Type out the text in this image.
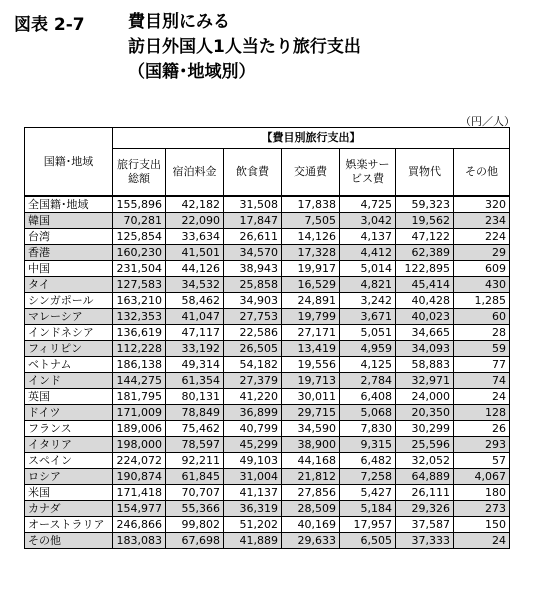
図表 2-7	費目別にみる
訪日外国人1人当たり旅行支出
（国籍･地域別）
（円／人）
国籍･地域	【費目別旅行支出】						
	旅行支出総額	宿泊料金	飲食費	交通費	娯楽サービス費	買物代	その他
全国籍･地域	155,896	42,182	31,508	17,838	4,725	59,323	320
韓国	70,281	22,090	17,847	7,505	3,042	19,562	234
台湾	125,854	33,634	26,611	14,126	4,137	47,122	224
香港	160,230	41,501	34,570	17,328	4,412	62,389	29
中国	231,504	44,126	38,943	19,917	5,014	122,895	609
タイ	127,583	34,532	25,858	16,529	4,821	45,414	430
シンガポール	163,210	58,462	34,903	24,891	3,242	40,428	1,285
マレーシア	132,353	41,047	27,753	19,799	3,671	40,023	60
インドネシア	136,619	47,117	22,586	27,171	5,051	34,665	28
フィリピン	112,228	33,192	26,505	13,419	4,959	34,093	59
ベトナム	186,138	49,314	54,182	19,556	4,125	58,883	77
インド	144,275	61,354	27,379	19,713	2,784	32,971	74
英国	181,795	80,131	41,220	30,011	6,408	24,000	24
ドイツ	171,009	78,849	36,899	29,715	5,068	20,350	128
フランス	189,006	75,462	40,799	34,590	7,830	30,299	26
イタリア	198,000	78,597	45,299	38,900	9,315	25,596	293
スペイン	224,072	92,211	49,103	44,168	6,482	32,052	57
ロシア	190,874	61,845	31,004	21,812	7,258	64,889	4,067
米国	171,418	70,707	41,137	27,856	5,427	26,111	180
カナダ	154,977	55,366	36,319	28,509	5,184	29,326	273
オーストラリア	246,866	99,802	51,202	40,169	17,957	37,587	150
その他	183,083	67,698	41,889	29,633	6,505	37,333	24
